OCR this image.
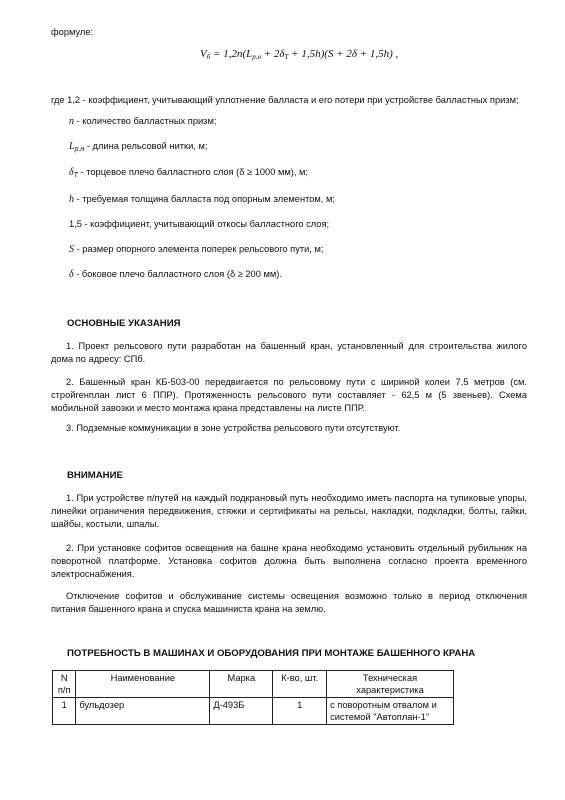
формуле:
$V_б = 1,2n(L_{р.н} + 2\delta_Т + 1,5h)(S + 2\delta + 1,5h)$ ,
где 1,2 - коэффициент, учитывающий уплотнение балласта и его потери при устройстве балластных призм;
n - количество балластных призм;
$L_{р.н}$ - длина рельсовой нитки, м;
$\delta_Т$ - торцевое плечо балластного слоя (δ ≥ 1000 мм), м;
h - требуемая толщина балласта под опорным элементом, м;
1,5 - коэффициент, учитывающий откосы балластного слоя;
S - размер опорного элемента поперек рельсового пути, м;
δ - боковое плечо балластного слоя (δ ≥ 200 мм).
ОСНОВНЫЕ УКАЗАНИЯ
1. Проект рельсового пути разработан на башенный кран, установленный для строительства жилого дома по адресу: СПб.
2. Башенный кран КБ-503-00 передвигается по рельсовому пути с шириной колеи 7,5 метров (см. стройгенплан лист 6 ППР). Протяженность рельсового пути составляет - 62,5 м (5 звеньев). Схема мобильной завозки и место монтажа крана представлены на листе ППР.
3. Подземные коммуникации в зоне устройства рельсового пути отсутствуют.
ВНИМАНИЕ
1. При устройстве п/путей на каждый подкрановый путь необходимо иметь паспорта на тупиковые упоры, линейки ограничения передвижения, стяжки и сертификаты на рельсы, накладки, подкладки, болты, гайки, шайбы, костыли, шпалы.
2. При установке софитов освещения на башне крана необходимо установить отдельный рубильник на поворотной платформе. Установка софитов должна быть выполнена согласно проекта временного электроснабжения.
Отключение софитов и обслуживание системы освещения возможно только в период отключения питания башенного крана и спуска машиниста крана на землю.
ПОТРЕБНОСТЬ В МАШИНАХ И ОБОРУДОВАНИЯ ПРИ МОНТАЖЕ БАШЕННОГО КРАНА
N п/п	Наименование	Марка	К-во, шт.	Техническая характеристика
1	бульдозер	Д-493Б	1	с поворотным отвалом и системой "Автоплан-1"
